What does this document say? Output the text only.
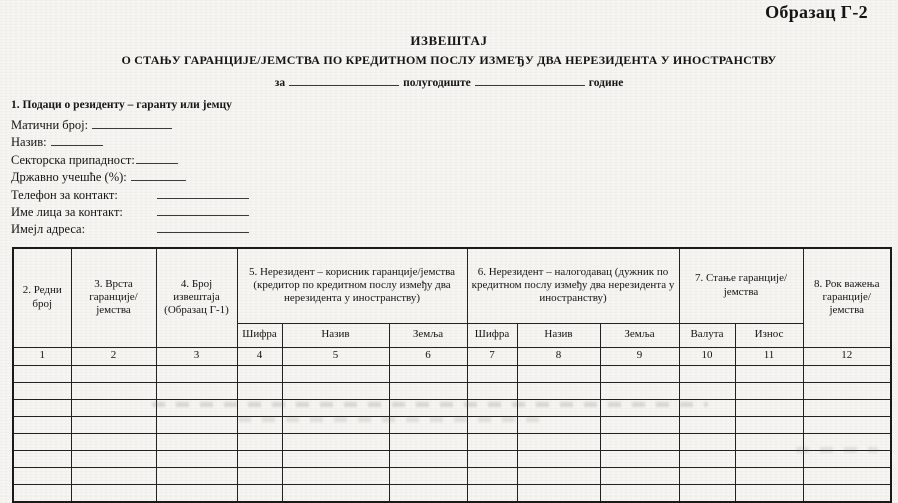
Образац Г-2
ИЗВЕШТАЈ
О СТАЊУ ГАРАНЦИЈЕ/ЈЕМСТВА ПО КРЕДИТНОМ ПОСЛУ ИЗМЕЂУ ДВА НЕРЕЗИДЕНТА У ИНОСТРАНСТВУ
за	полугодиште	године
1. Подаци о резиденту – гаранту или јемцу
Матични број:
Назив:
Секторска припадност:
Државно учешће (%):
Телефон за контакт:
Име лица за контакт:
Имејл адреса:
2. Редни број	3. Врста гаранције/ јемства	4. Број извештаја (Образац Г-1)	5. Нерезидент – корисник гаранције/јемства (кредитор по кредитном послу између два нерезидента у иностранству)			6. Нерезидент – налогодавац (дужник по кредитном послу између два нерезидента у иностранству)			7. Стање гаранције/јемства		8. Рок важења гаранције/ јемства
			Шифра	Назив	Земља	Шифра	Назив	Земља	Валута	Износ	
1	2	3	4	5	6	7	8	9	10	11	12
